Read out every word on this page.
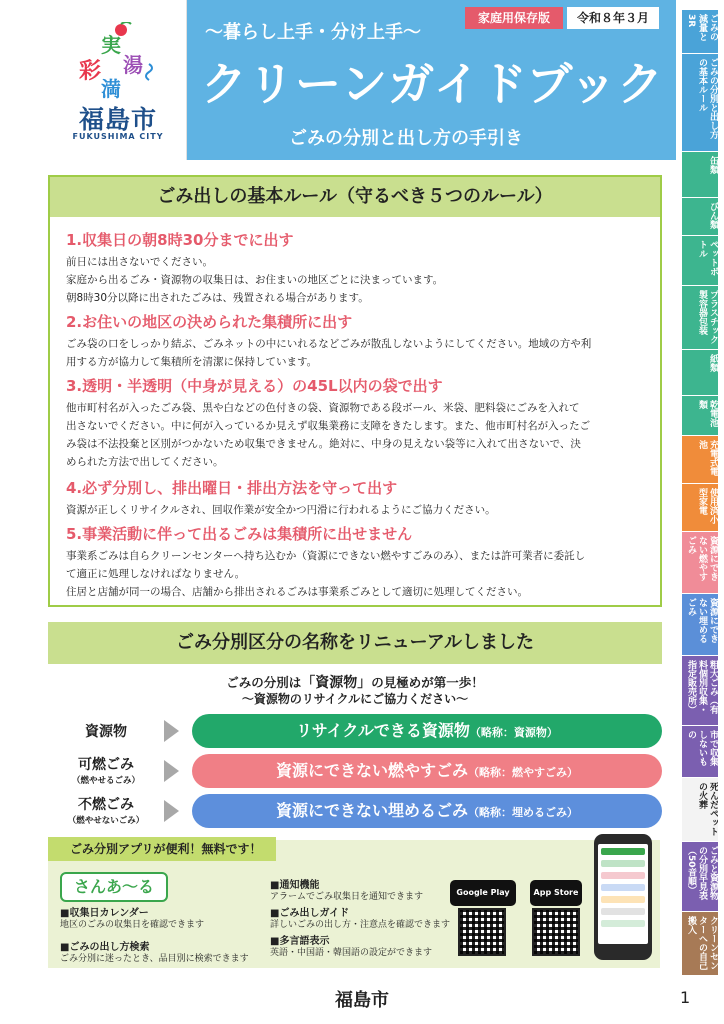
実
彩 湯
満
福島市
FUKUSHIMA CITY
家庭用保存版	令和８年３月
〜暮らし上手・分け上手〜
クリーンガイドブック
ごみの分別と出し方の手引き
ごみの減量と3R
ごみの分別と出し方の基本ルール
缶類
びん類
ペットボトル
プラスチック製容器包装
紙類
乾電池類
充電式電池
使用済小型家電
資源にできない燃やすごみ
資源にできない埋めるごみ
粗大ごみ（有料個別収集・指定販売所）
市で収集しないもの
死んだペットの火葬
ごみと資源物の分別早見表（50音順）
クリーンセンターへの自己搬入
ごみ出しの基本ルール（守るべき５つのルール）
1.収集日の朝8時30分までに出す
前日には出さないでください。
家庭から出るごみ・資源物の収集日は、お住まいの地区ごとに決まっています。
朝8時30分以降に出されたごみは、残置される場合があります。
2.お住いの地区の決められた集積所に出す
ごみ袋の口をしっかり結ぶ、ごみネットの中にいれるなどごみが散乱しないようにしてください。地域の方や利
用する方が協力して集積所を清潔に保持しています。
3.透明・半透明（中身が見える）の45L以内の袋で出す
他市町村名が入ったごみ袋、黒や白などの色付きの袋、資源物である段ボール、米袋、肥料袋にごみを入れて
出さないでください。中に何が入っているか見えず収集業務に支障をきたします。また、他市町村名が入ったご
み袋は不法投棄と区別がつかないため収集できません。絶対に、中身の見えない袋等に入れて出さないで、決
められた方法で出してください。
4.必ず分別し、排出曜日・排出方法を守って出す
資源が正しくリサイクルされ、回収作業が安全かつ円滑に行われるようにご協力ください。
5.事業活動に伴って出るごみは集積所に出せません
事業系ごみは自らクリーンセンターへ持ち込むか（資源にできない燃やすごみのみ）、または許可業者に委託し
て適正に処理しなければなりません。
住居と店舗が同一の場合、店舗から排出されるごみは事業系ごみとして適切に処理してください。
ごみ分別区分の名称をリニューアルしました
ごみの分別は「資源物」の見極めが第一歩！
〜資源物のリサイクルにご協力ください〜
資源物	リサイクルできる資源物（略称：資源物）
可燃ごみ
（燃やせるごみ）
資源にできない燃やすごみ（略称：燃やすごみ）
不燃ごみ
（燃やせないごみ）
資源にできない埋めるごみ（略称：埋めるごみ）
ごみ分別アプリが便利！無料です！
さんあ〜る
■収集日カレンダー
地区のごみの収集日を確認できます
■ごみの出し方検索
ごみ分別に迷ったとき、品目別に検索できます
■通知機能
アラームでごみ収集日を通知できます
■ごみ出しガイド
詳しいごみの出し方・注意点を確認できます
■多言語表示
英語・中国語・韓国語の設定ができます
Google Play	App Store
福島市	1
